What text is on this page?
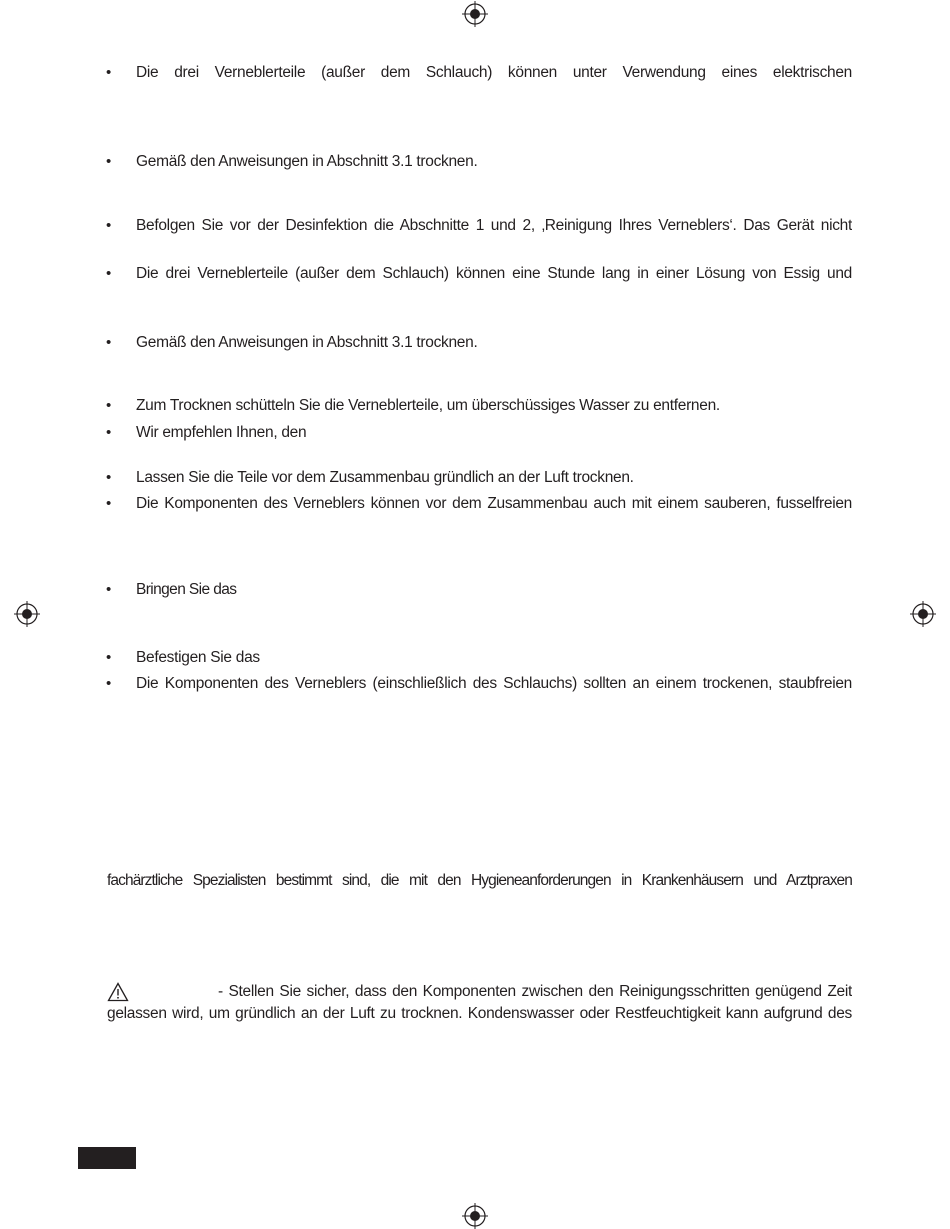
•
Die drei Verneblerteile (außer dem Schlauch) können unter Verwendung eines elektrischen
•
Gemäß den Anweisungen in Abschnitt 3.1 trocknen.
•
Befolgen Sie vor der Desinfektion die Abschnitte 1 und 2, ‚Reinigung Ihres Verneblers‘. Das Gerät nicht
•
Die drei Verneblerteile (außer dem Schlauch) können eine Stunde lang in einer Lösung von Essig und
•
Gemäß den Anweisungen in Abschnitt 3.1 trocknen.
•
Zum Trocknen schütteln Sie die Verneblerteile, um überschüssiges Wasser zu entfernen.
•
Wir empfehlen Ihnen, den
•
Lassen Sie die Teile vor dem Zusammenbau gründlich an der Luft trocknen.
•
Die Komponenten des Verneblers können vor dem Zusammenbau auch mit einem sauberen, fusselfreien
•
Bringen Sie das
•
Befestigen Sie das
•
Die Komponenten des Verneblers (einschließlich des Schlauchs) sollten an einem trockenen, staubfreien
fachärztliche Spezialisten bestimmt sind, die mit den Hygieneanforderungen in Krankenhäusern und Arztpraxen
- Stellen Sie sicher, dass den Komponenten zwischen den Reinigungsschritten genügend Zeit
gelassen wird, um gründlich an der Luft zu trocknen. Kondenswasser oder Restfeuchtigkeit kann aufgrund des
